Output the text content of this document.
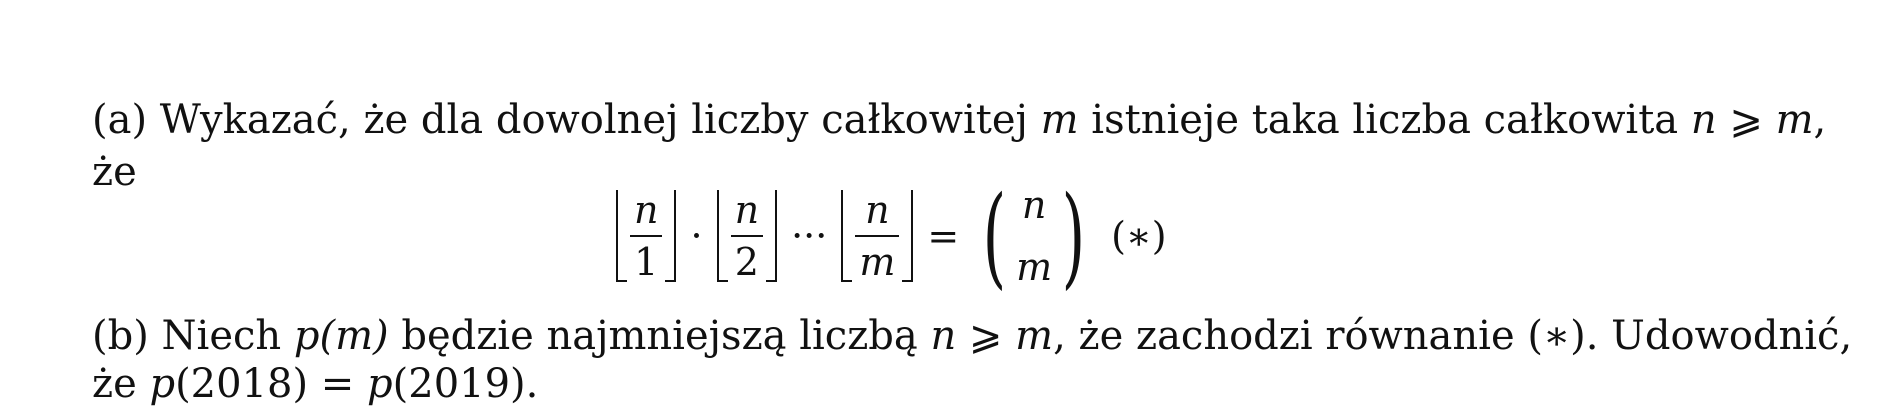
(a) Wykazać, że dla dowolnej liczby całkowitej m istnieje taka liczba całkowita n ⩾ m,
że
$\frac{n}{1} \cdot \frac{n}{2}$ ··· $\frac{n}{m}$ = ( n
m ) (∗)
(b) Niech p(m) będzie najmniejszą liczbą n ⩾ m, że zachodzi równanie (∗). Udowodnić,
że p(2018) = p(2019).
